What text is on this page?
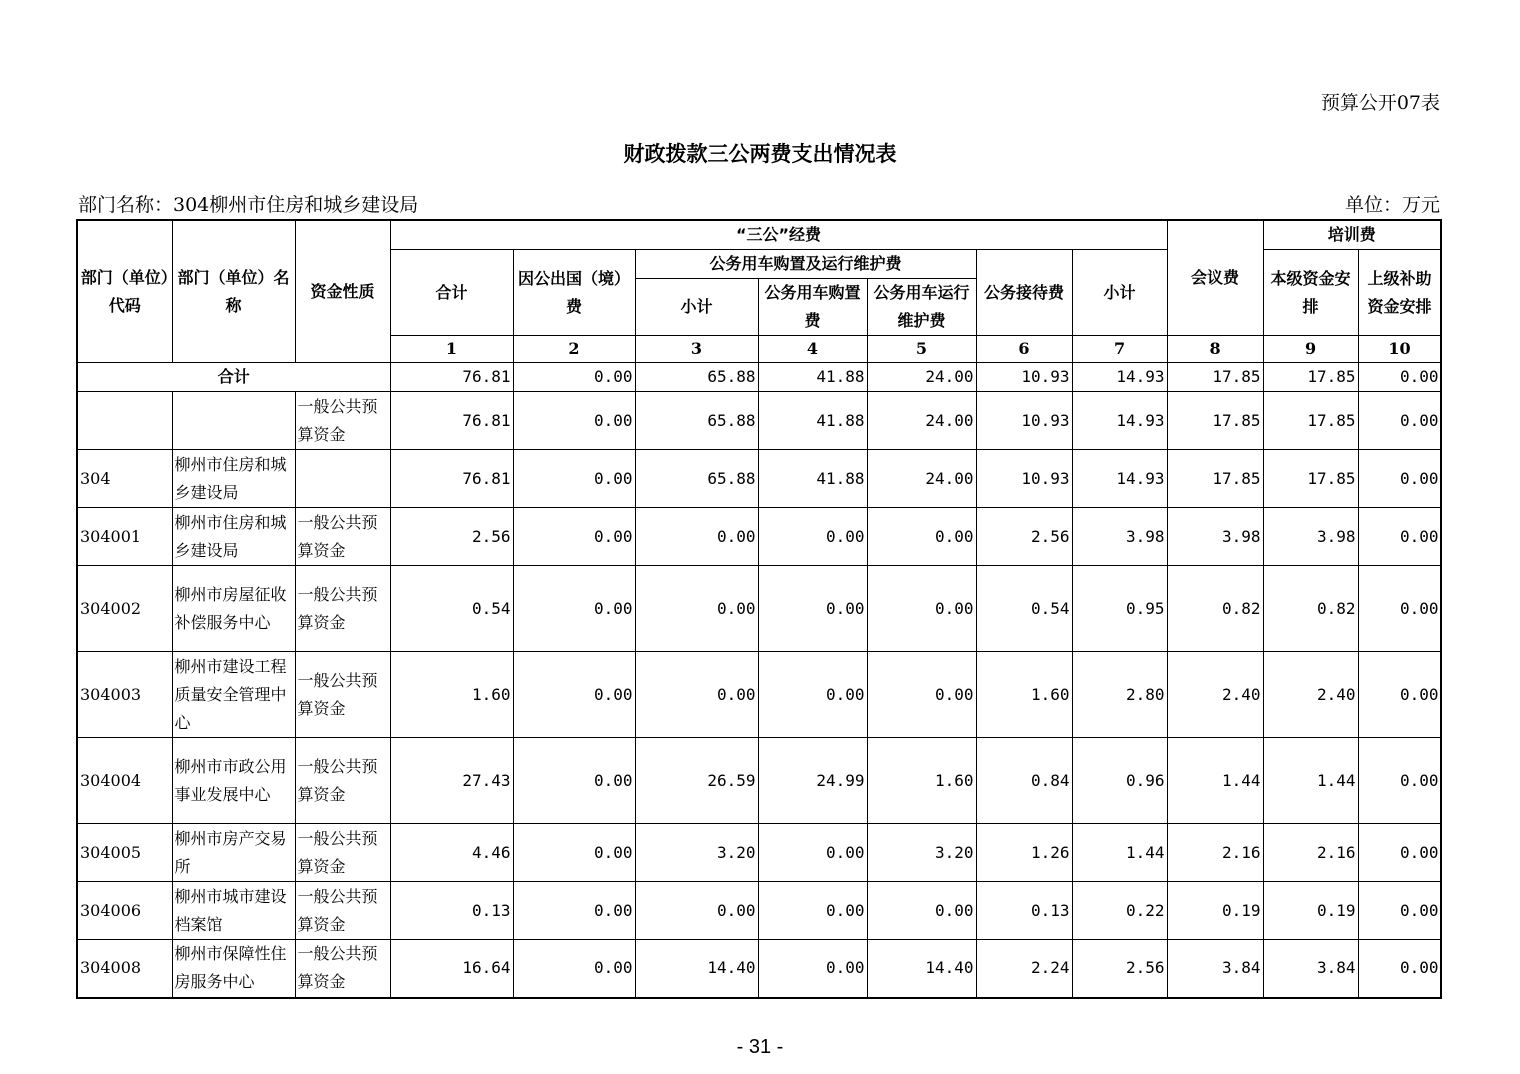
预算公开07表
财政拨款三公两费支出情况表
部门名称：304柳州市住房和城乡建设局	单位：万元
部门（单位）代码	部门（单位）名称	资金性质	“三公”经费							会议费	培训费	
			合计	因公出国（境）费	公务用车购置及运行维护费			公务接待费	小计		本级资金安排	上级补助资金安排
					小计	公务用车购置费	公务用车运行维护费					
			1	2	3	4	5	6	7	8	9	10
合计			76.81	0.00	65.88	41.88	24.00	10.93	14.93	17.85	17.85	0.00
		一般公共预算资金	76.81	0.00	65.88	41.88	24.00	10.93	14.93	17.85	17.85	0.00
304	柳州市住房和城乡建设局		76.81	0.00	65.88	41.88	24.00	10.93	14.93	17.85	17.85	0.00
304001	柳州市住房和城乡建设局	一般公共预算资金	2.56	0.00	0.00	0.00	0.00	2.56	3.98	3.98	3.98	0.00
304002	柳州市房屋征收补偿服务中心	一般公共预算资金	0.54	0.00	0.00	0.00	0.00	0.54	0.95	0.82	0.82	0.00
304003	柳州市建设工程质量安全管理中心	一般公共预算资金	1.60	0.00	0.00	0.00	0.00	1.60	2.80	2.40	2.40	0.00
304004	柳州市市政公用事业发展中心	一般公共预算资金	27.43	0.00	26.59	24.99	1.60	0.84	0.96	1.44	1.44	0.00
304005	柳州市房产交易所	一般公共预算资金	4.46	0.00	3.20	0.00	3.20	1.26	1.44	2.16	2.16	0.00
304006	柳州市城市建设档案馆	一般公共预算资金	0.13	0.00	0.00	0.00	0.00	0.13	0.22	0.19	0.19	0.00
304008	柳州市保障性住房服务中心	一般公共预算资金	16.64	0.00	14.40	0.00	14.40	2.24	2.56	3.84	3.84	0.00
- 31 -
